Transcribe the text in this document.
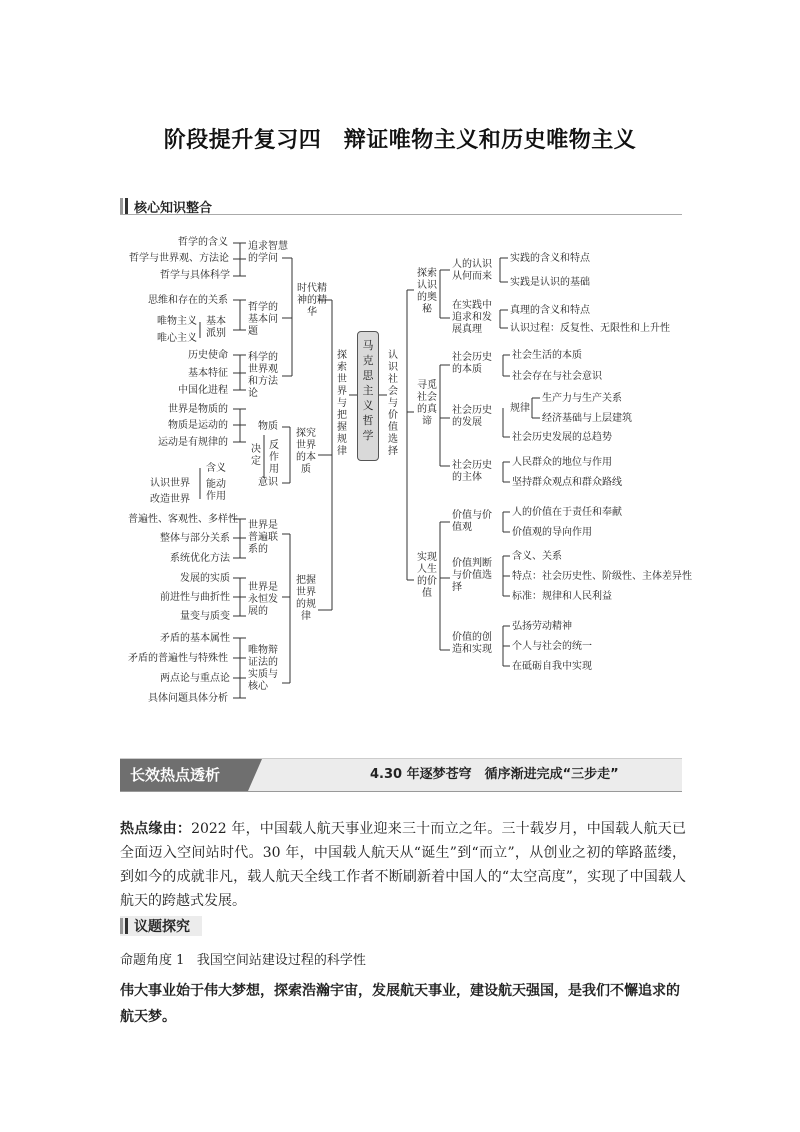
阶段提升复习四　辩证唯物主义和历史唯物主义
核心知识整合
马克思主义哲学
探索世界与把握规律
认识社会与价值选择
时代精神的精华
追求智慧的学问
哲学的含义
哲学与世界观、方法论
哲学与具体科学
哲学的基本问题
思维和存在的关系
唯物主义
唯心主义
基本派别
科学的世界观和方法论
历史使命
基本特征
中国化进程
探究世界的本质
物质
世界是物质的
物质是运动的
运动是有规律的
决定
反作用
意识
含义
能动作用
认识世界
改造世界
把握世界的规律
世界是普遍联系的
普遍性、客观性、多样性
整体与部分关系
系统优化方法
世界是永恒发展的
发展的实质
前进性与曲折性
量变与质变
唯物辩证法的实质与核心
矛盾的基本属性
矛盾的普遍性与特殊性
两点论与重点论
具体问题具体分析
探索认识的奥秘
人的认识从何而来
实践的含义和特点
实践是认识的基础
在实践中追求和发展真理
真理的含义和特点
认识过程：反复性、无限性和上升性
寻觅社会的真谛
社会历史的本质
社会生活的本质
社会存在与社会意识
社会历史的发展
规律
生产力与生产关系
经济基础与上层建筑
社会历史发展的总趋势
社会历史的主体
人民群众的地位与作用
坚持群众观点和群众路线
实现人生的价值
价值与价值观
人的价值在于责任和奉献
价值观的导向作用
价值判断与价值选择
含义、关系
特点：社会历史性、阶级性、主体差异性
标准：规律和人民利益
价值的创造和实现
弘扬劳动精神
个人与社会的统一
在砥砺自我中实现
长效热点透析	4.30 年逐梦苍穹　循序渐进完成“三步走”
热点缘由：2022 年，中国载人航天事业迎来三十而立之年。三十载岁月，中国载人航天已全面迈入空间站时代。30 年，中国载人航天从“诞生”到“而立”，从创业之初的筚路蓝缕，到如今的成就非凡，载人航天全线工作者不断刷新着中国人的“太空高度”，实现了中国载人航天的跨越式发展。
议题探究
命题角度 1 我国空间站建设过程的科学性
伟大事业始于伟大梦想，探索浩瀚宇宙，发展航天事业，建设航天强国，是我们不懈追求的航天梦。
